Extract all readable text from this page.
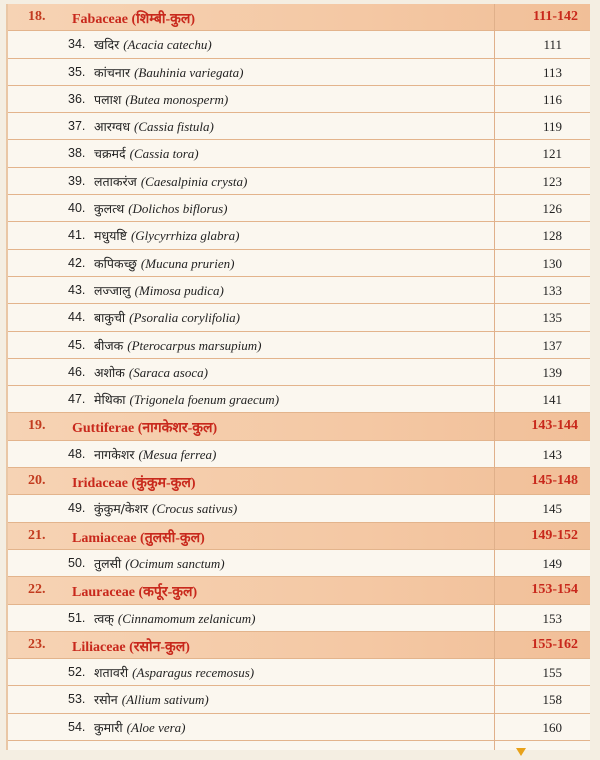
18. Fabaceae (शिम्बी-कुल)	111-142
34. खदिर (Acacia catechu)	111
35. कांचनार (Bauhinia variegata)	113
36. पलाश (Butea monosperm)	116
37. आरग्वध (Cassia fistula)	119
38. चक्रमर्द (Cassia tora)	121
39. लताकरंज (Caesalpinia crysta)	123
40. कुलत्थ (Dolichos biflorus)	126
41. मधुयष्टि (Glycyrrhiza glabra)	128
42. कपिकच्छु (Mucuna prurien)	130
43. लज्जालु (Mimosa pudica)	133
44. बाकुची (Psoralia corylifolia)	135
45. बीजक (Pterocarpus marsupium)	137
46. अशोक (Saraca asoca)	139
47. मेथिका (Trigonela foenum graecum)	141
19. Guttiferae (नागकेशर-कुल)	143-144
48. नागकेशर (Mesua ferrea)	143
20. Iridaceae (कुंकुम-कुल)	145-148
49. कुंकुम/केशर (Crocus sativus)	145
21. Lamiaceae (तुलसी-कुल)	149-152
50. तुलसी (Ocimum sanctum)	149
22. Lauraceae (कर्पूर-कुल)	153-154
51. त्वक् (Cinnamomum zelanicum)	153
23. Liliaceae (रसोन-कुल)	155-162
52. शतावरी (Asparagus recemosus)	155
53. रसोन (Allium sativum)	158
54. कुमारी (Aloe vera)	160
